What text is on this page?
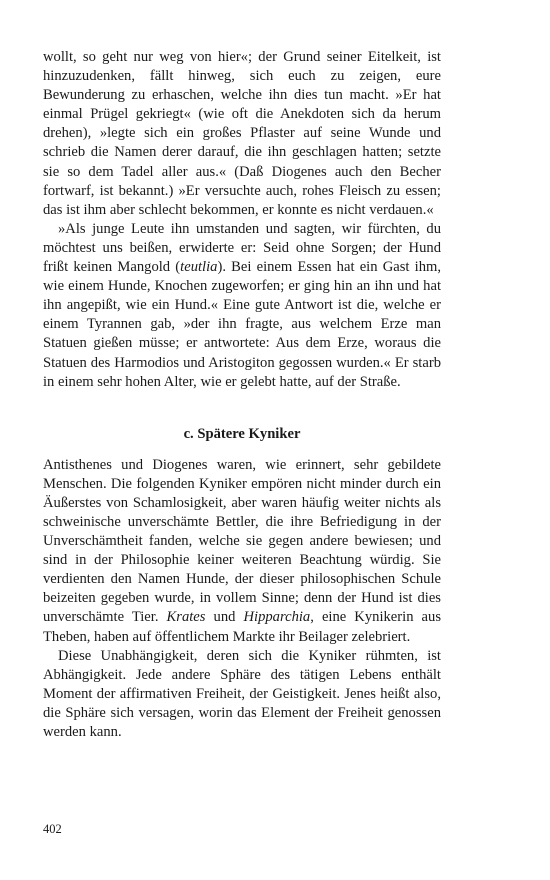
wollt, so geht nur weg von hier«; der Grund seiner Eitelkeit, ist hinzuzudenken, fällt hinweg, sich euch zu zeigen, eure Bewunderung zu erhaschen, welche ihn dies tun macht. »Er hat einmal Prügel gekriegt« (wie oft die Anekdoten sich da herum drehen), »legte sich ein großes Pflaster auf seine Wunde und schrieb die Namen derer darauf, die ihn geschlagen hatten; setzte sie so dem Tadel aller aus.« (Daß Diogenes auch den Becher fortwarf, ist bekannt.) »Er versuchte auch, rohes Fleisch zu essen; das ist ihm aber schlecht bekommen, er konnte es nicht verdauen.«

»Als junge Leute ihn umstanden und sagten, wir fürchten, du möchtest uns beißen, erwiderte er: Seid ohne Sorgen; der Hund frißt keinen Mangold (teutlia). Bei einem Essen hat ein Gast ihm, wie einem Hunde, Knochen zugeworfen; er ging hin an ihn und hat ihn angepißt, wie ein Hund.« Eine gute Antwort ist die, welche er einem Tyrannen gab, »der ihn fragte, aus welchem Erze man Statuen gießen müsse; er antwortete: Aus dem Erze, woraus die Statuen des Harmodios und Aristogiton gegossen wurden.« Er starb in einem sehr hohen Alter, wie er gelebt hatte, auf der Straße.

c. Spätere Kyniker

Antisthenes und Diogenes waren, wie erinnert, sehr gebildete Menschen. Die folgenden Kyniker empören nicht minder durch ein Äußerstes von Schamlosigkeit, aber waren häufig weiter nichts als schweinische unverschämte Bettler, die ihre Befriedigung in der Unverschämtheit fanden, welche sie gegen andere bewiesen; und sind in der Philosophie keiner weiteren Beachtung würdig. Sie verdienten den Namen Hunde, der dieser philosophischen Schule beizeiten gegeben wurde, in vollem Sinne; denn der Hund ist dies unverschämte Tier. Krates und Hipparchia, eine Kynikerin aus Theben, haben auf öffentlichem Markte ihr Beilager zelebriert.

Diese Unabhängigkeit, deren sich die Kyniker rühmten, ist Abhängigkeit. Jede andere Sphäre des tätigen Lebens enthält Moment der affirmativen Freiheit, der Geistigkeit. Jenes heißt also, die Sphäre sich versagen, worin das Element der Freiheit genossen werden kann.

402
